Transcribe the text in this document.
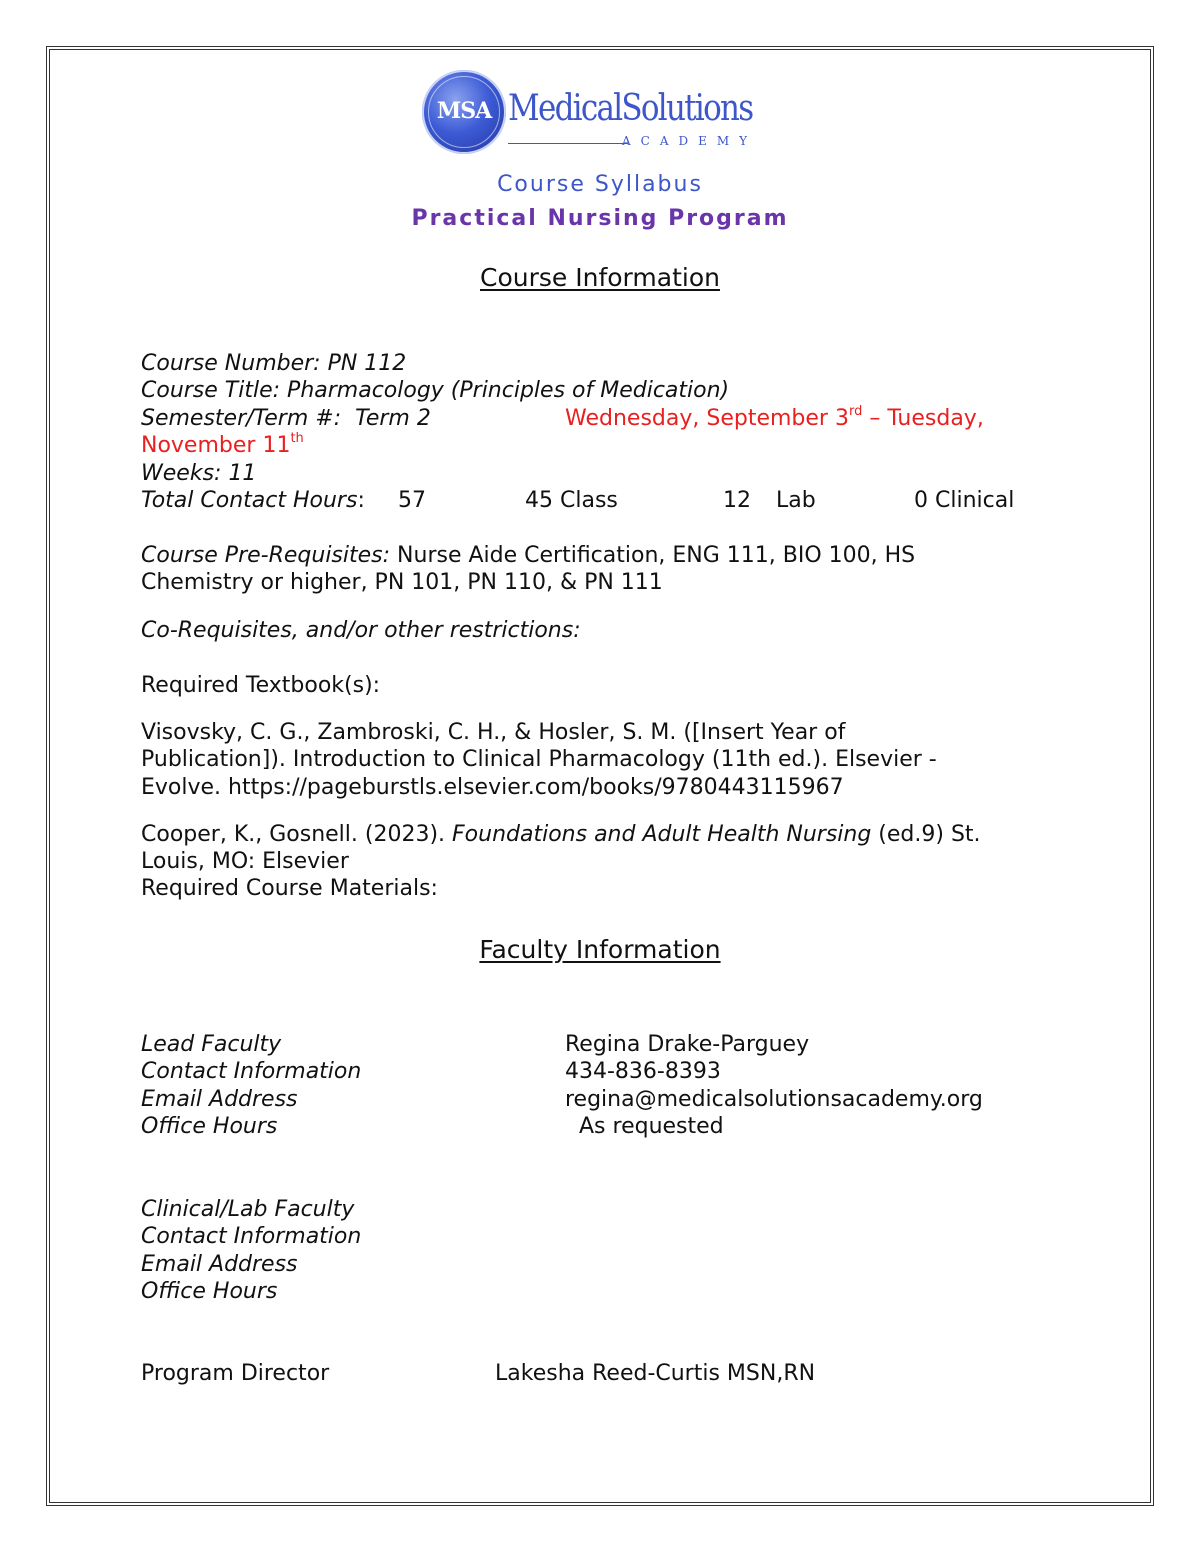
MSA MedicalSolutions
ACADEMY
Course Syllabus
Practical Nursing Program
Course Information
Course Number: PN 112
Course Title: Pharmacology (Principles of Medication)
Semester/Term #: Term 2	Wednesday, September 3rd – Tuesday,
November 11th
Weeks: 11
Total Contact Hours: 57	45 Class	12 Lab	0 Clinical
Course Pre-Requisites: Nurse Aide Certification, ENG 111, BIO 100, HS
Chemistry or higher, PN 101, PN 110, & PN 111
Co-Requisites, and/or other restrictions:
Required Textbook(s):
Visovsky, C. G., Zambroski, C. H., & Hosler, S. M. ([Insert Year of
Publication]). Introduction to Clinical Pharmacology (11th ed.). Elsevier -
Evolve. https://pageburstls.elsevier.com/books/9780443115967
Cooper, K., Gosnell. (2023). Foundations and Adult Health Nursing (ed.9) St.
Louis, MO: Elsevier
Required Course Materials:
Faculty Information
Lead Faculty	Regina Drake-Parguey
Contact Information	434-836-8393
Email Address	regina@medicalsolutionsacademy.org
Office Hours	As requested
Clinical/Lab Faculty
Contact Information
Email Address
Office Hours
Program Director	Lakesha Reed-Curtis MSN,RN
